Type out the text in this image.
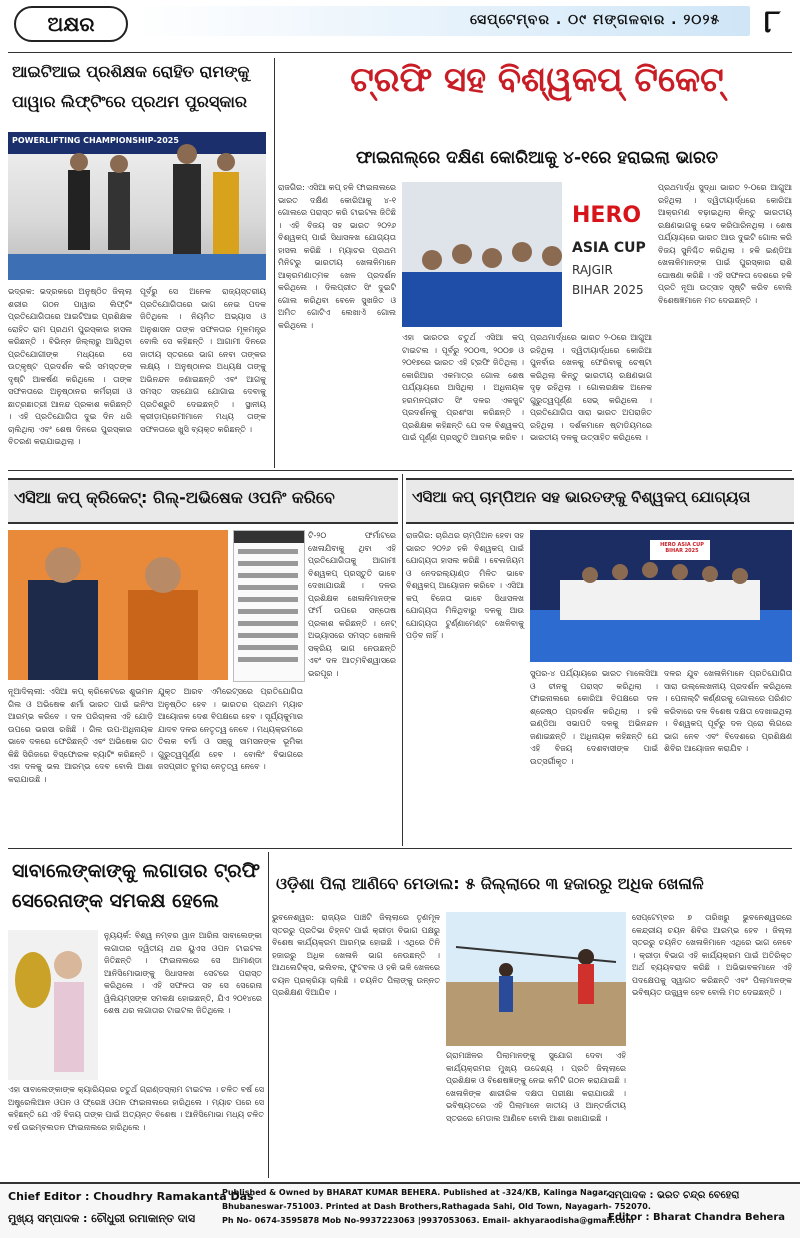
ଅକ୍ଷର	ସେପ୍ଟେମ୍ବର . ୦୯ ମଙ୍ଗଳବାର . ୨୦୨୫ ୮
ଆଇଟିଆଇ ପ୍ରଶିକ୍ଷକ ରୋହିତ ରାମଙ୍କୁ
ପାୱାର ଲିଫ୍ଟିଂରେ ପ୍ରଥମ ପୁରସ୍କାର
POWERLIFTING CHAMPIONSHIP-2025
ଭଦ୍ରକ: ଭଦ୍ରକରେ ଅନୁଷ୍ଠିତ ଜିଲ୍ଲା ଶରୀର ଗଠନ ପାୱାର ଲିଫ୍ଟିଂ ପ୍ରତିଯୋଗିତାରେ ଆଇଟିଆଇ ପ୍ରଶିକ୍ଷକ ରୋହିତ ରାମ ପ୍ରଥମ ପୁରସ୍କାର ହାସଲ କରିଛନ୍ତି । ବିଭିନ୍ନ ଜିଲ୍ଲାରୁ ଆସିଥିବା ପ୍ରତିଯୋଗୀଙ୍କ ମଧ୍ୟରେ ସେ ଉତ୍କୃଷ୍ଟ ପ୍ରଦର୍ଶନ କରି ସମସ୍ତଙ୍କ ଦୃଷ୍ଟି ଆକର୍ଷଣ କରିଥିଲେ । ତାଙ୍କ ସଫଳତାରେ ଅନୁଷ୍ଠାନର କର୍ମଚାରୀ ଓ ଛାତ୍ରଛାତ୍ରୀ ଆନନ୍ଦ ପ୍ରକାଶ କରିଛନ୍ତି । ଏହି ପ୍ରତିଯୋଗିତା ଦୁଇ ଦିନ ଧରି ଚାଲିଥିଲା ଏବଂ ଶେଷ ଦିନରେ ପୁରସ୍କାର ବିତରଣ କରାଯାଇଥିଲା ।
ପୂର୍ବରୁ ସେ ଅନେକ ରାଜ୍ୟସ୍ତରୀୟ ପ୍ରତିଯୋଗିତାରେ ଭାଗ ନେଇ ପଦକ ଜିତିଥିଲେ । ନିୟମିତ ଅଭ୍ୟାସ ଓ ଅନୁଶାସନ ତାଙ୍କ ସଫଳତାର ମୂଳମନ୍ତ୍ର ବୋଲି ସେ କହିଛନ୍ତି । ଆଗାମୀ ଦିନରେ ଜାତୀୟ ସ୍ତରରେ ଭାଗ ନେବା ତାଙ୍କର ଲକ୍ଷ୍ୟ । ଅନୁଷ୍ଠାନର ଅଧ୍ୟକ୍ଷ ତାଙ୍କୁ ଅଭିନନ୍ଦନ ଜଣାଇଛନ୍ତି ଏବଂ ଆଗକୁ ସମସ୍ତ ସହଯୋଗ ଯୋଗାଇ ଦେବାକୁ ପ୍ରତିଶ୍ରୁତି ଦେଇଛନ୍ତି । ସ୍ଥାନୀୟ କ୍ରୀଡ଼ାପ୍ରେମୀମାନେ ମଧ୍ୟ ତାଙ୍କ ସଫଳତାରେ ଖୁସି ବ୍ୟକ୍ତ କରିଛନ୍ତି ।
ଟ୍ରଫି ସହ ବିଶ୍ୱକପ୍ ଟିକେଟ୍
ଫାଇନାଲ୍‌ରେ ଦକ୍ଷିଣ କୋରିଆକୁ ୪-୧ରେ ହରାଇଲା ଭାରତ
ରାଜଗିର: ଏସିଆ କପ୍ ହକି ଫାଇନାଲରେ ଭାରତ ଦକ୍ଷିଣ କୋରିଆକୁ ୪-୧ ଗୋଲରେ ପରାସ୍ତ କରି ଟାଇଟଲ ଜିତିଛି । ଏହି ବିଜୟ ସହ ଭାରତ ୨୦୨୬ ବିଶ୍ୱକପ୍ ପାଇଁ ସିଧାସଳଖ ଯୋଗ୍ୟତା ହାସଲ କରିଛି । ମ୍ୟାଚର ପ୍ରଥମ ମିନିଟରୁ ଭାରତୀୟ ଖେଳାଳିମାନେ ଆକ୍ରମଣାତ୍ମକ ଖେଳ ପ୍ରଦର୍ଶନ କରିଥିଲେ । ଦିଲପ୍ରୀତ ସିଂ ଦୁଇଟି ଗୋଲ କରିଥିବା ବେଳେ ସୁଖଜିତ ଓ ଅମିତ ଗୋଟିଏ ଲେଖାଏଁ ଗୋଲ କରିଥିଲେ ।
HERO
ASIA CUP
RAJGIR
BIHAR 2025
ଏହା ଭାରତର ଚତୁର୍ଥ ଏସିଆ କପ୍ ଟାଇଟଲ । ପୂର୍ବରୁ ୨୦୦୩, ୨୦୦୭ ଓ ୨୦୧୭ରେ ଭାରତ ଏହି ଟ୍ରଫି ଜିତିଥିଲା । କୋରିଆର ଏକମାତ୍ର ଗୋଲ ଶେଷ ପର୍ଯ୍ୟାୟରେ ଆସିଥିଲା । ଅଧିନାୟକ ହରମନପ୍ରୀତ ସିଂ ଦଳର ଏକଜୁଟ ପ୍ରଦର୍ଶନକୁ ପ୍ରଶଂସା କରିଛନ୍ତି । ପ୍ରଶିକ୍ଷକ କହିଛନ୍ତି ଯେ ଦଳ ବିଶ୍ୱକପ୍ ପାଇଁ ପୂର୍ଣ୍ଣ ପ୍ରସ୍ତୁତି ଆରମ୍ଭ କରିବ ।
ପ୍ରଥମାର୍ଦ୍ଧରେ ଭାରତ ୨-୦ରେ ଆଗୁଆ ରହିଥିଲା । ଦ୍ୱିତୀୟାର୍ଦ୍ଧରେ କୋରିଆ ପୁନର୍ବାର ଖେଳକୁ ଫେରିବାକୁ ଚେଷ୍ଟା କରିଥିଲା କିନ୍ତୁ ଭାରତୀୟ ରକ୍ଷଣଭାଗ ଦୃଢ଼ ରହିଥିଲା । ଗୋଲରକ୍ଷକ ଅନେକ ଗୁରୁତ୍ୱପୂର୍ଣ୍ଣ ସେଭ୍ କରିଥିଲେ । ପ୍ରତିଯୋଗିତା ସାରା ଭାରତ ଅପରାଜିତ ରହିଥିଲା । ଦର୍ଶକମାନେ ଷ୍ଟାଡିୟମରେ ଭାରତୀୟ ଦଳକୁ ଉତ୍ସାହିତ କରିଥିଲେ ।
ପ୍ରଥମାର୍ଦ୍ଧ ସୁଦ୍ଧା ଭାରତ ୨-୦ରେ ଆଗୁଆ ରହିଥିଲା । ଦ୍ୱିତୀୟାର୍ଦ୍ଧରେ କୋରିଆ ଆକ୍ରମଣ ବଢ଼ାଇଥିଲା କିନ୍ତୁ ଭାରତୀୟ ରକ୍ଷଣଭାଗକୁ ଭେଦ କରିପାରିନଥିଲା । ଶେଷ ପର୍ଯ୍ୟାୟରେ ଭାରତ ଆଉ ଦୁଇଟି ଗୋଲ କରି ବିଜୟ ସୁନିଶ୍ଚିତ କରିଥିଲା । ହକି ଇଣ୍ଡିଆ ଖେଳାଳିମାନଙ୍କ ପାଇଁ ପୁରସ୍କାର ରାଶି ଘୋଷଣା କରିଛି । ଏହି ସଫଳତା ଦେଶରେ ହକି ପ୍ରତି ନୂଆ ଉତ୍ସାହ ସୃଷ୍ଟି କରିବ ବୋଲି ବିଶେଷଜ୍ଞମାନେ ମତ ଦେଇଛନ୍ତି ।
ଏସିଆ କପ୍ କ୍ରିକେଟ୍: ଗିଲ୍-ଅଭିଷେକ ଓପନିଂ କରିବେ
ଟି-୨୦ ଫର୍ମାଟରେ ଖେଳାଯିବାକୁ ଥିବା ଏହି ପ୍ରତିଯୋଗିତାକୁ ଆଗାମୀ ବିଶ୍ୱକପ୍ ପ୍ରସ୍ତୁତି ଭାବେ ଦେଖାଯାଉଛି । ଦଳର ପ୍ରଶିକ୍ଷକ ଖେଳାଳିମାନଙ୍କ ଫର୍ମ ଉପରେ ସନ୍ତୋଷ ପ୍ରକାଶ କରିଛନ୍ତି । ନେଟ୍ ଅଭ୍ୟାସରେ ସମସ୍ତ ଖେଳାଳି ସକ୍ରିୟ ଭାଗ ନେଉଛନ୍ତି ଏବଂ ଦଳ ଆତ୍ମବିଶ୍ୱାସରେ ଭରପୂର ।
ନୂଆଦିଲ୍ଲୀ: ଏସିଆ କପ୍ କ୍ରିକେଟରେ ଶୁଭମନ ଗିଲ ଓ ଅଭିଷେକ ଶର୍ମା ଭାରତ ପାଇଁ ଇନିଂସ ଆରମ୍ଭ କରିବେ । ଦଳ ପରିଚାଳନା ଏହି ଯୋଡ଼ି ଉପରେ ଭରସା ରଖିଛି । ଗିଲ ଉପ-ଅଧିନାୟକ ଭାବେ ଦଳରେ ଫେରିଛନ୍ତି ଏବଂ ଅଭିଷେକ ଗତ କିଛି ସିରିଜରେ ବିସ୍ଫୋରକ ବ୍ୟାଟିଂ କରିଛନ୍ତି । ଏହା ଦଳକୁ ଭଲ ଆରମ୍ଭ ଦେବ ବୋଲି ଆଶା କରାଯାଉଛି ।
ଯୁକ୍ତ ଆରବ ଏମିରେଟ୍ସରେ ପ୍ରତିଯୋଗିତା ଅନୁଷ୍ଠିତ ହେବ । ଭାରତର ପ୍ରଥମ ମ୍ୟାଚ ଆୟୋଜକ ଦେଶ ବିପକ୍ଷରେ ହେବ । ସୂର୍ଯ୍ୟକୁମାର ଯାଦବ ଦଳର ନେତୃତ୍ୱ ନେବେ । ମଧ୍ୟକ୍ରମରେ ତିଲକ ବର୍ମା ଓ ସଞ୍ଜୁ ସାମସନଙ୍କ ଭୂମିକା ଗୁରୁତ୍ୱପୂର୍ଣ୍ଣ ହେବ । ବୋଲିଂ ବିଭାଗରେ ଜସପ୍ରୀତ ବୁମରା ନେତୃତ୍ୱ ନେବେ ।
ଏସିଆ କପ୍ ଚାମ୍ପିଅନ ସହ ଭାରତଙ୍କୁ ବିଶ୍ୱକପ୍ ଯୋଗ୍ୟତା
ରାଜଗିର: ଚାରିଥର ଚାମ୍ପିଅନ ହେବା ସହ ଭାରତ ୨୦୨୬ ହକି ବିଶ୍ୱକପ୍ ପାଇଁ ଯୋଗ୍ୟତା ହାସଲ କରିଛି । ବେଲଜିୟମ ଓ ନେଦରଲ୍ୟାଣ୍ଡ ମିଳିତ ଭାବେ ବିଶ୍ୱକପ୍ ଆୟୋଜନ କରିବେ । ଏସିଆ କପ୍ ବିଜେତା ଭାବେ ସିଧାସଳଖ ଯୋଗ୍ୟତା ମିଳିଥିବାରୁ ଦଳକୁ ଆଉ ଯୋଗ୍ୟତା ଟୁର୍ଣ୍ଣାମେଣ୍ଟ ଖେଳିବାକୁ ପଡ଼ିବ ନାହିଁ ।
HERO ASIA CUP BIHAR 2025
ସୁପର-୪ ପର୍ଯ୍ୟାୟରେ ଭାରତ ମାଲେସିଆ ଓ ଚୀନକୁ ପରାସ୍ତ କରିଥିଲା । ଫାଇନାଲରେ କୋରିଆ ବିପକ୍ଷରେ ଦଳ ଶ୍ରେଷ୍ଠ ପ୍ରଦର୍ଶନ କରିଥିଲା । ହକି ଇଣ୍ଡିଆ ସଭାପତି ଦଳକୁ ଅଭିନନ୍ଦନ ଜଣାଇଛନ୍ତି । ଅଧିନାୟକ କହିଛନ୍ତି ଯେ ଏହି ବିଜୟ ଦେଶବାସୀଙ୍କ ପାଇଁ ଉତ୍ସର୍ଗୀକୃତ ।
ଦଳର ଯୁବ ଖେଳାଳିମାନେ ପ୍ରତିଯୋଗିତା ସାରା ଉଲ୍ଲେଖନୀୟ ପ୍ରଦର୍ଶନ କରିଥିଲେ । ପେନାଲ୍ଟି କର୍ଣ୍ଣରକୁ ଗୋଲରେ ପରିଣତ କରିବାରେ ଦଳ ବିଶେଷ ଦକ୍ଷତା ଦେଖାଇଥିଲା । ବିଶ୍ୱକପ୍ ପୂର୍ବରୁ ଦଳ ପ୍ରୋ ଲିଗରେ ଭାଗ ନେବ ଏବଂ ବିଦେଶରେ ପ୍ରଶିକ୍ଷଣ ଶିବିର ଆୟୋଜନ କରାଯିବ ।
ସାବାଲେଙ୍କାଙ୍କୁ ଲଗାତାର ଟ୍ରଫି
ସେରେନାଙ୍କ ସମକକ୍ଷ ହେଲେ
ନ୍ୟୁୟର୍କ: ବିଶ୍ୱ ନମ୍ବର ୱାନ ଆରିନା ସାବାଲେଙ୍କା ଲଗାତାର ଦ୍ୱିତୀୟ ଥର ୟୁଏସ ଓପନ ଟାଇଟଲ ଜିତିଛନ୍ତି । ଫାଇନାଲରେ ସେ ଆମାଣ୍ଡା ଆନିସିମୋଭାଙ୍କୁ ସିଧାସଳଖ ସେଟରେ ପରାସ୍ତ କରିଥିଲେ । ଏହି ସଫଳତା ସହ ସେ ସେରେନା ୱିଲିୟମ୍ସଙ୍କ ସମକକ୍ଷ ହୋଇଛନ୍ତି, ଯିଏ ୨୦୧୪ରେ ଶେଷ ଥର ଲଗାତାର ଟାଇଟଲ ଜିତିଥିଲେ ।
ଏହା ସାବାଲେଙ୍କାଙ୍କ କ୍ୟାରିୟରର ଚତୁର୍ଥ ଗ୍ରାଣ୍ଡସ୍ଲାମ ଟାଇଟଲ । ଚଳିତ ବର୍ଷ ସେ ଅଷ୍ଟ୍ରେଲିଆନ ଓପନ ଓ ଫ୍ରେଞ୍ଚ ଓପନ ଫାଇନାଲରେ ହାରିଥିଲେ । ମ୍ୟାଚ ପରେ ସେ କହିଛନ୍ତି ଯେ ଏହି ବିଜୟ ତାଙ୍କ ପାଇଁ ଅତ୍ୟନ୍ତ ବିଶେଷ । ଆନିସିମୋଭା ମଧ୍ୟ ଚଳିତ ବର୍ଷ ଉଇମ୍ବଲଡନ ଫାଇନାଲରେ ହାରିଥିଲେ ।
ଓଡ଼ିଶା ପିଲା ଆଣିବେ ମେଡାଲ: ୫ ଜିଲ୍ଲାରେ ୩ ହଜାରରୁ ଅଧିକ ଖେଳାଳି
ଭୁବନେଶ୍ୱର: ରାଜ୍ୟର ପାଞ୍ଚଟି ଜିଲ୍ଲାରେ ତୃଣମୂଳ ସ୍ତରରୁ ପ୍ରତିଭା ଚିହ୍ନଟ ପାଇଁ କ୍ରୀଡ଼ା ବିଭାଗ ପକ୍ଷରୁ ବିଶେଷ କାର୍ଯ୍ୟକ୍ରମ ଆରମ୍ଭ ହୋଇଛି । ଏଥିରେ ତିନି ହଜାରରୁ ଅଧିକ ଖେଳାଳି ଭାଗ ନେଉଛନ୍ତି । ଆଥଲେଟିକ୍ସ, ଭଲିବଲ, ଫୁଟବଲ ଓ ହକି ଭଳି ଖେଳରେ ଚୟନ ପ୍ରକ୍ରିୟା ଚାଲିଛି । ଚୟନିତ ପିଲାଙ୍କୁ ଉନ୍ନତ ପ୍ରଶିକ୍ଷଣ ଦିଆଯିବ ।
ଗ୍ରାମାଞ୍ଚଳର ପିଲାମାନଙ୍କୁ ସୁଯୋଗ ଦେବା ଏହି କାର୍ଯ୍ୟକ୍ରମର ମୁଖ୍ୟ ଉଦ୍ଦେଶ୍ୟ । ପ୍ରତି ଜିଲ୍ଲାରେ ପ୍ରଶିକ୍ଷକ ଓ ବିଶେଷଜ୍ଞଙ୍କୁ ନେଇ କମିଟି ଗଠନ କରାଯାଇଛି । ଖେଳାଳିଙ୍କ ଶାରୀରିକ ଦକ୍ଷତା ପରୀକ୍ଷା କରାଯାଉଛି । ଭବିଷ୍ୟତରେ ଏହି ପିଲାମାନେ ଜାତୀୟ ଓ ଆନ୍ତର୍ଜାତୀୟ ସ୍ତରରେ ମେଡାଲ ଆଣିବେ ବୋଲି ଆଶା ରଖାଯାଇଛି ।
ସେପ୍ଟେମ୍ବର ୭ ତାରିଖରୁ ଭୁବନେଶ୍ୱରରେ କେନ୍ଦ୍ରୀୟ ଚୟନ ଶିବିର ଆରମ୍ଭ ହେବ । ଜିଲ୍ଲା ସ୍ତରରୁ ଚୟନିତ ଖେଳାଳିମାନେ ଏଥିରେ ଭାଗ ନେବେ । କ୍ରୀଡ଼ା ବିଭାଗ ଏହି କାର୍ଯ୍ୟକ୍ରମ ପାଇଁ ଅତିରିକ୍ତ ଅର୍ଥ ବ୍ୟୟବରାଦ କରିଛି । ଅଭିଭାବକମାନେ ଏହି ପଦକ୍ଷେପକୁ ସ୍ୱାଗତ କରିଛନ୍ତି ଏବଂ ପିଲାମାନଙ୍କ ଭବିଷ୍ୟତ ଉଜ୍ଜ୍ୱଳ ହେବ ବୋଲି ମତ ଦେଇଛନ୍ତି ।
Chief Editor : Choudhry Ramakanta Das
ମୁଖ୍ୟ ସମ୍ପାଦକ : ଚୌଧୁରୀ ରମାକାନ୍ତ ଦାସ
Published & Owned by BHARAT KUMAR BEHERA. Published at -324/KB, Kalinga Nagar,
Bhubaneswar-751003. Printed at Dash Brothers,Rathagada Sahi, Old Town, Nayagarh- 752070.
Ph No- 0674-3595878 Mob No-9937223063 |9937053063. Email- akhyaraodisha@gmail.com
ସମ୍ପାଦକ : ଭରତ ଚନ୍ଦ୍ର ବେହେରା
Editor : Bharat Chandra Behera
